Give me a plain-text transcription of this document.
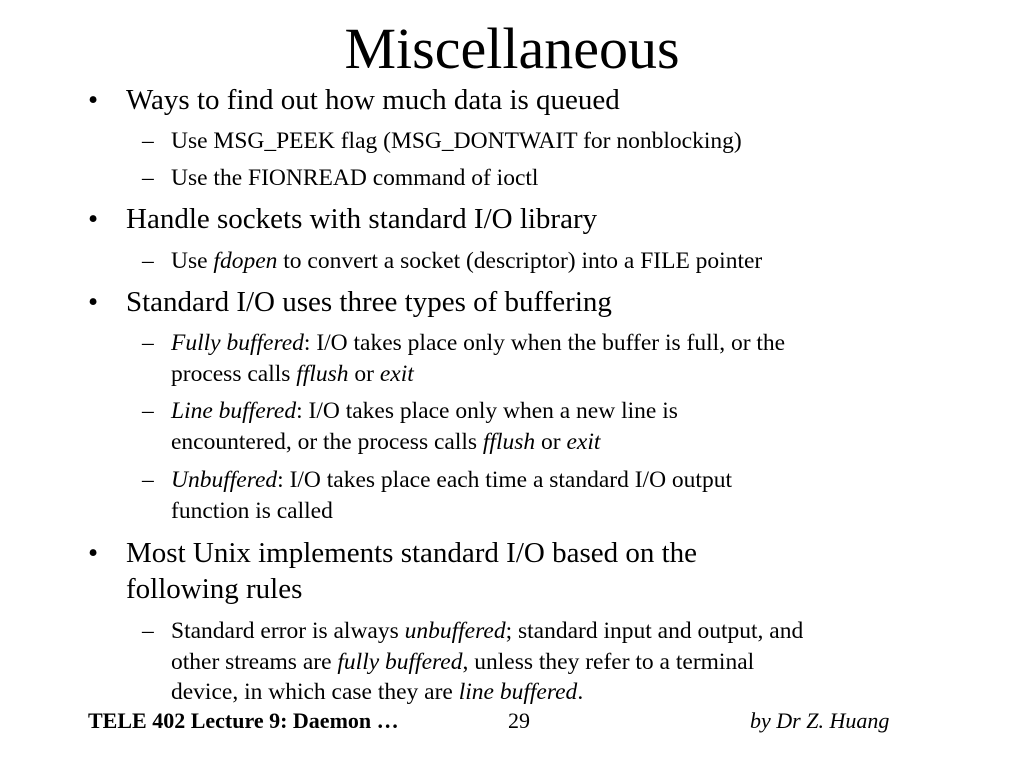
Miscellaneous
• Ways to find out how much data is queued
– Use MSG_PEEK flag (MSG_DONTWAIT for nonblocking)
– Use the FIONREAD command of ioctl
• Handle sockets with standard I/O library
– Use fdopen to convert a socket (descriptor) into a FILE pointer
• Standard I/O uses three types of buffering
– Fully buffered: I/O takes place only when the buffer is full, or the
process calls fflush or exit
– Line buffered: I/O takes place only when a new line is
encountered, or the process calls fflush or exit
– Unbuffered: I/O takes place each time a standard I/O output
function is called
• Most Unix implements standard I/O based on the
following rules
– Standard error is always unbuffered; standard input and output, and
other streams are fully buffered, unless they refer to a terminal
device, in which case they are line buffered.
TELE 402 Lecture 9: Daemon …	29	by Dr Z. Huang
